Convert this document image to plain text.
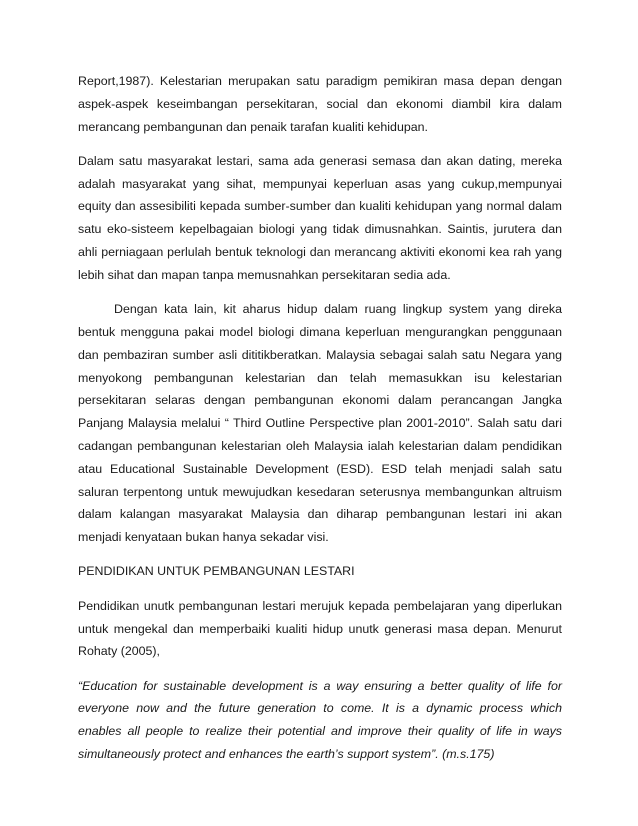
Report,1987). Kelestarian merupakan satu paradigm pemikiran masa depan dengan
aspek-aspek keseimbangan persekitaran, social dan ekonomi diambil kira dalam
merancang pembangunan dan penaik tarafan kualiti kehidupan.

Dalam satu masyarakat lestari, sama ada generasi semasa dan akan dating, mereka
adalah masyarakat yang sihat, mempunyai keperluan asas yang cukup,mempunyai
equity dan assesibiliti kepada sumber-sumber dan kualiti kehidupan yang normal dalam
satu eko-sisteem kepelbagaian biologi yang tidak dimusnahkan. Saintis, jurutera dan
ahli perniagaan perlulah bentuk teknologi dan merancang aktiviti ekonomi kea rah yang
lebih sihat dan mapan tanpa memusnahkan persekitaran sedia ada.

Dengan kata lain, kit aharus hidup dalam ruang lingkup system yang direka
bentuk mengguna pakai model biologi dimana keperluan mengurangkan penggunaan
dan pembaziran sumber asli dititikberatkan. Malaysia sebagai salah satu Negara yang
menyokong pembangunan kelestarian dan telah memasukkan isu kelestarian
persekitaran selaras dengan pembangunan ekonomi dalam perancangan Jangka
Panjang Malaysia melalui “ Third Outline Perspective plan 2001-2010”. Salah satu dari
cadangan pembangunan kelestarian oleh Malaysia ialah kelestarian dalam pendidikan
atau Educational Sustainable Development (ESD). ESD telah menjadi salah satu
saluran terpentong untuk mewujudkan kesedaran seterusnya membangunkan altruism
dalam kalangan masyarakat Malaysia dan diharap pembangunan lestari ini akan
menjadi kenyataan bukan hanya sekadar visi.

PENDIDIKAN UNTUK PEMBANGUNAN LESTARI

Pendidikan unutk pembangunan lestari merujuk kepada pembelajaran yang diperlukan
untuk mengekal dan memperbaiki kualiti hidup unutk generasi masa depan. Menurut
Rohaty (2005),

“Education for sustainable development is a way ensuring a better quality of life for
everyone now and the future generation to come. It is a dynamic process which
enables all people to realize their potential and improve their quality of life in ways
simultaneously protect and enhances the earth’s support system”. (m.s.175)
